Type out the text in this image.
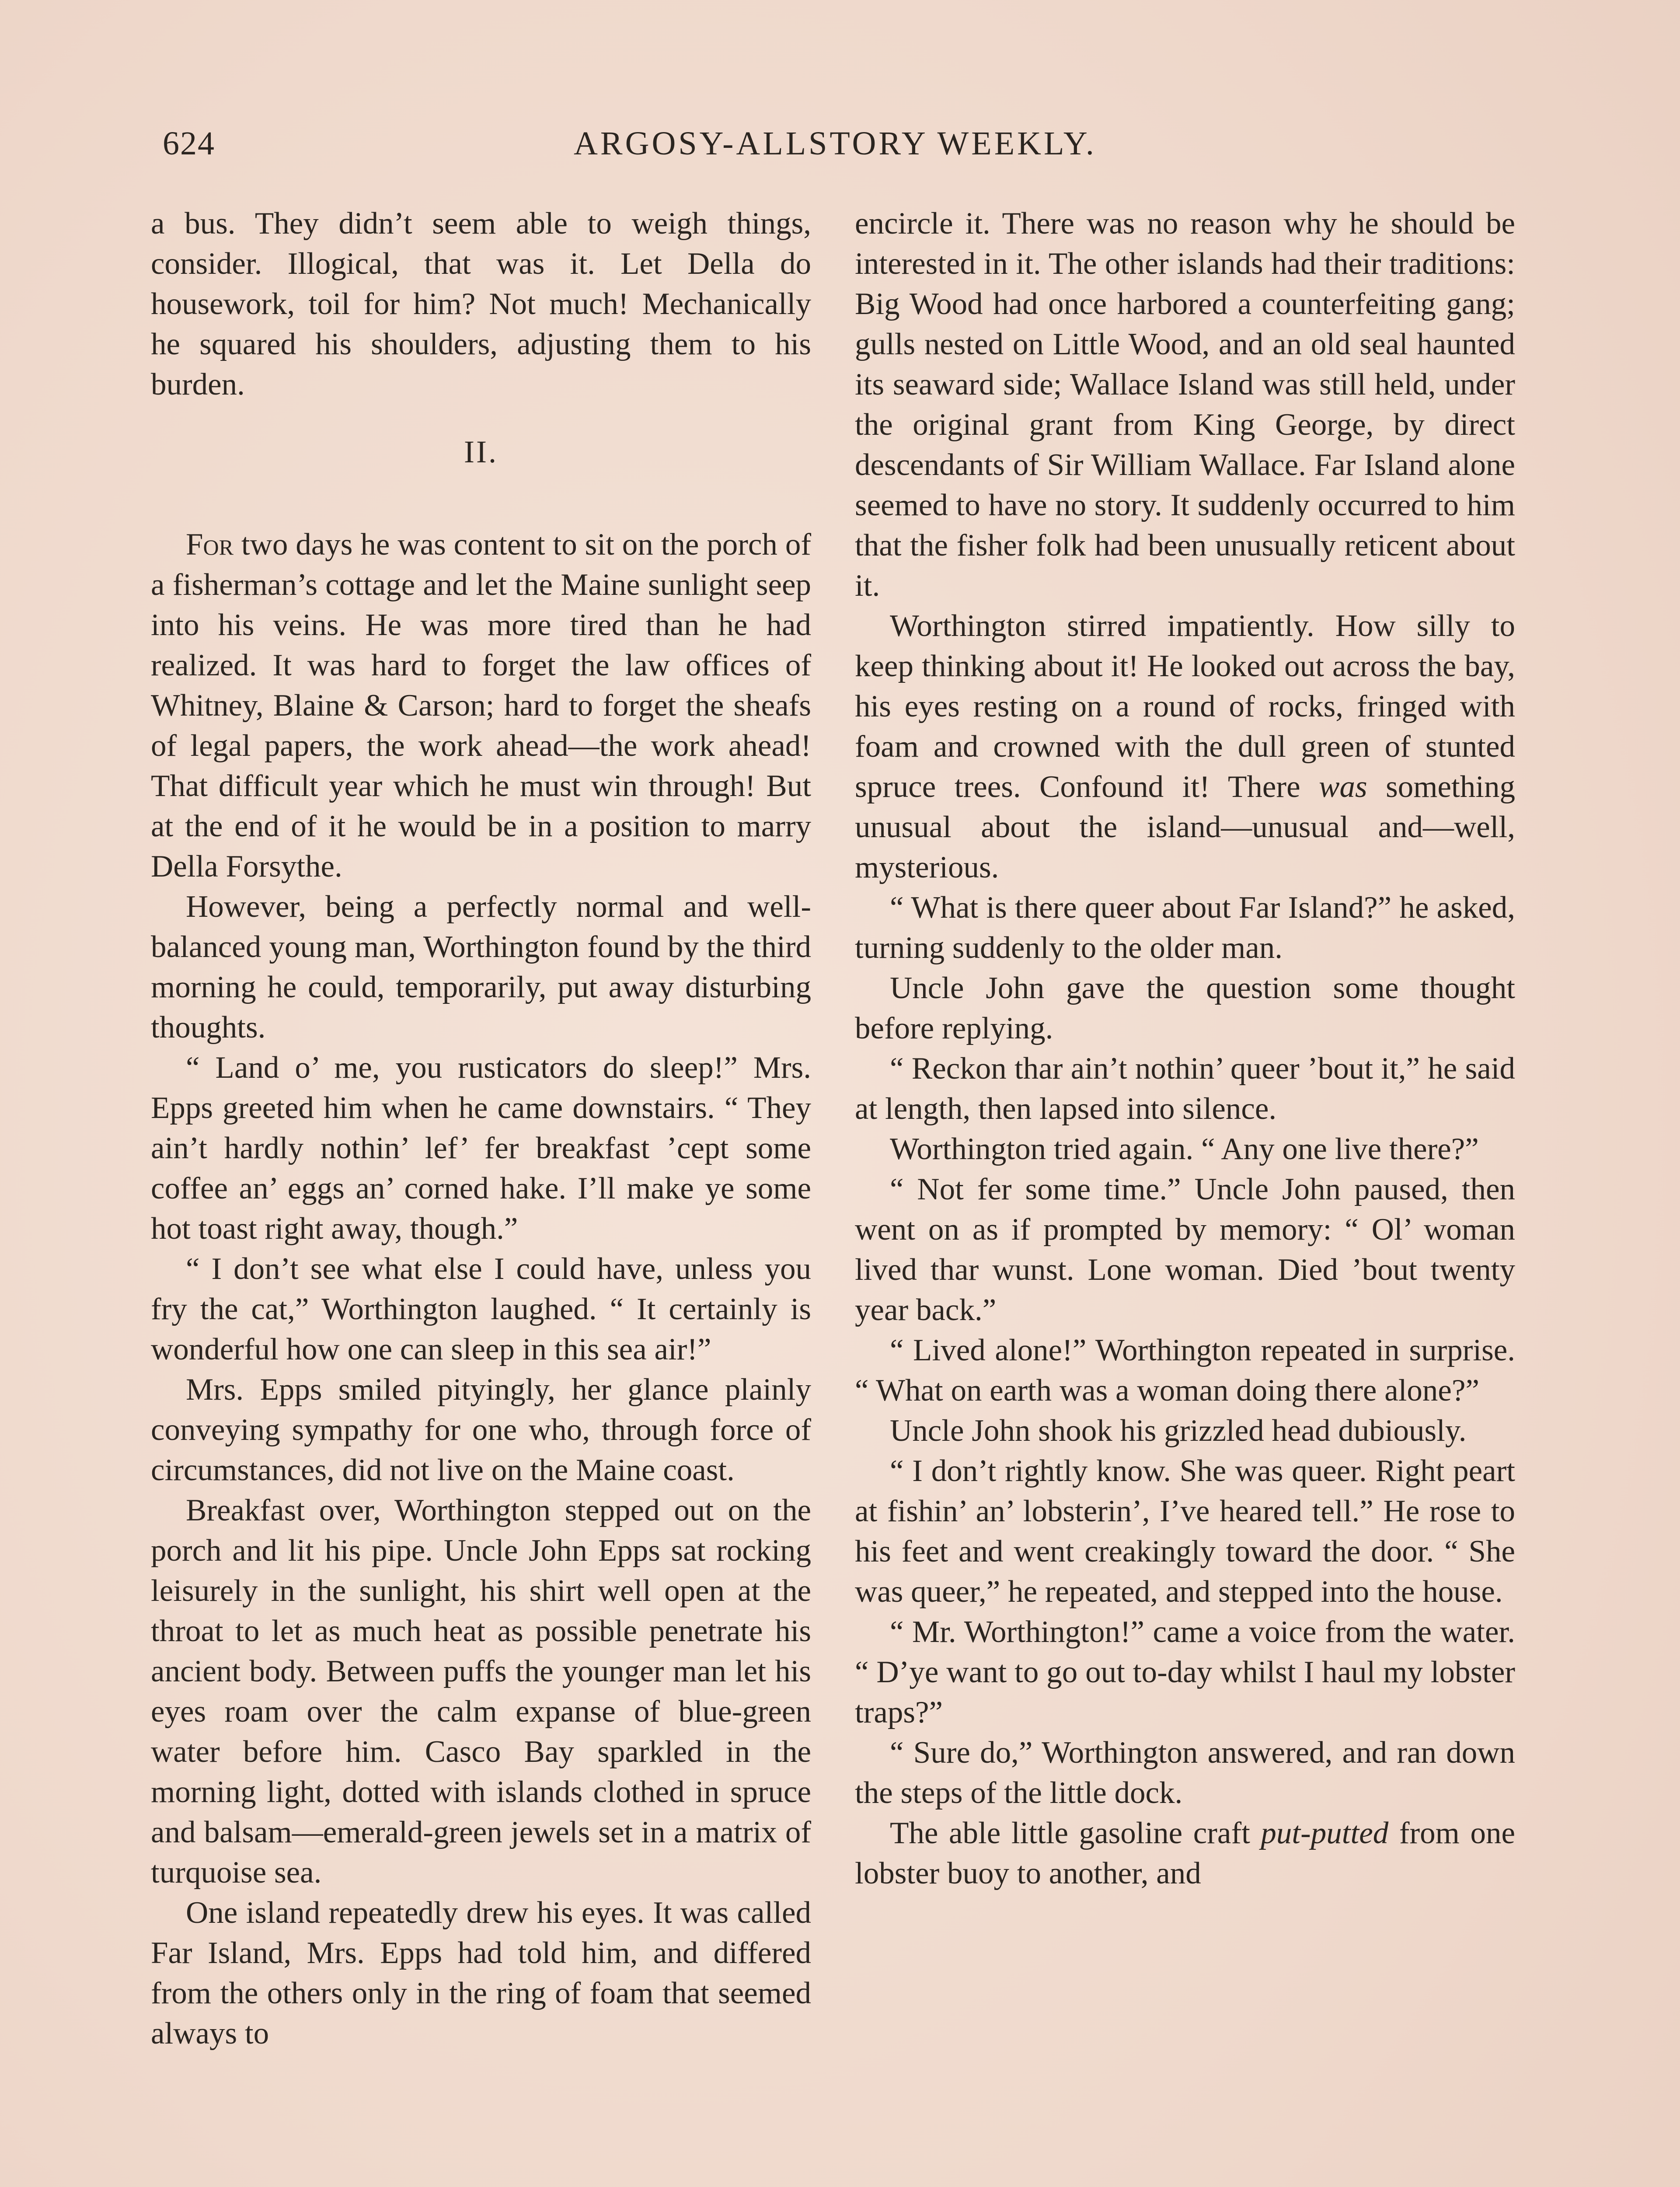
624	ARGOSY-ALLSTORY WEEKLY.

a bus. They didn’t seem able to weigh things, consider. Illogical, that was it. Let Della do housework, toil for him? Not much! Mechanically he squared his shoulders, adjusting them to his burden.

II.

For two days he was content to sit on the porch of a fisherman’s cottage and let the Maine sunlight seep into his veins. He was more tired than he had realized. It was hard to forget the law offices of Whitney, Blaine & Carson; hard to forget the sheafs of legal papers, the work ahead—the work ahead! That difficult year which he must win through! But at the end of it he would be in a position to marry Della Forsythe.

However, being a perfectly normal and well-balanced young man, Worthington found by the third morning he could, temporarily, put away disturbing thoughts.

“ Land o’ me, you rusticators do sleep!” Mrs. Epps greeted him when he came downstairs. “ They ain’t hardly nothin’ lef’ fer breakfast ’cept some coffee an’ eggs an’ corned hake. I’ll make ye some hot toast right away, though.”

“ I don’t see what else I could have, unless you fry the cat,” Worthington laughed. “ It certainly is wonderful how one can sleep in this sea air!”

Mrs. Epps smiled pityingly, her glance plainly conveying sympathy for one who, through force of circumstances, did not live on the Maine coast.

Breakfast over, Worthington stepped out on the porch and lit his pipe. Uncle John Epps sat rocking leisurely in the sunlight, his shirt well open at the throat to let as much heat as possible penetrate his ancient body. Between puffs the younger man let his eyes roam over the calm expanse of blue-green water before him. Casco Bay sparkled in the morning light, dotted with islands clothed in spruce and balsam—emerald-green jewels set in a matrix of turquoise sea.

One island repeatedly drew his eyes. It was called Far Island, Mrs. Epps had told him, and differed from the others only in the ring of foam that seemed always to

encircle it. There was no reason why he should be interested in it. The other islands had their traditions: Big Wood had once harbored a counterfeiting gang; gulls nested on Little Wood, and an old seal haunted its seaward side; Wallace Island was still held, under the original grant from King George, by direct descendants of Sir William Wallace. Far Island alone seemed to have no story. It suddenly occurred to him that the fisher folk had been unusually reticent about it.

Worthington stirred impatiently. How silly to keep thinking about it! He looked out across the bay, his eyes resting on a round of rocks, fringed with foam and crowned with the dull green of stunted spruce trees. Confound it! There was something unusual about the island—unusual and—well, mysterious.

“ What is there queer about Far Island?” he asked, turning suddenly to the older man.

Uncle John gave the question some thought before replying.

“ Reckon thar ain’t nothin’ queer ’bout it,” he said at length, then lapsed into silence.

Worthington tried again. “ Any one live there?”

“ Not fer some time.” Uncle John paused, then went on as if prompted by memory: “ Ol’ woman lived thar wunst. Lone woman. Died ’bout twenty year back.”

“ Lived alone!” Worthington repeated in surprise. “ What on earth was a woman doing there alone?”

Uncle John shook his grizzled head dubiously.

“ I don’t rightly know. She was queer. Right peart at fishin’ an’ lobsterin’, I’ve heared tell.” He rose to his feet and went creakingly toward the door. “ She was queer,” he repeated, and stepped into the house.

“ Mr. Worthington!” came a voice from the water. “ D’ye want to go out to-day whilst I haul my lobster traps?”

“ Sure do,” Worthington answered, and ran down the steps of the little dock.

The able little gasoline craft put-putted from one lobster buoy to another, and
